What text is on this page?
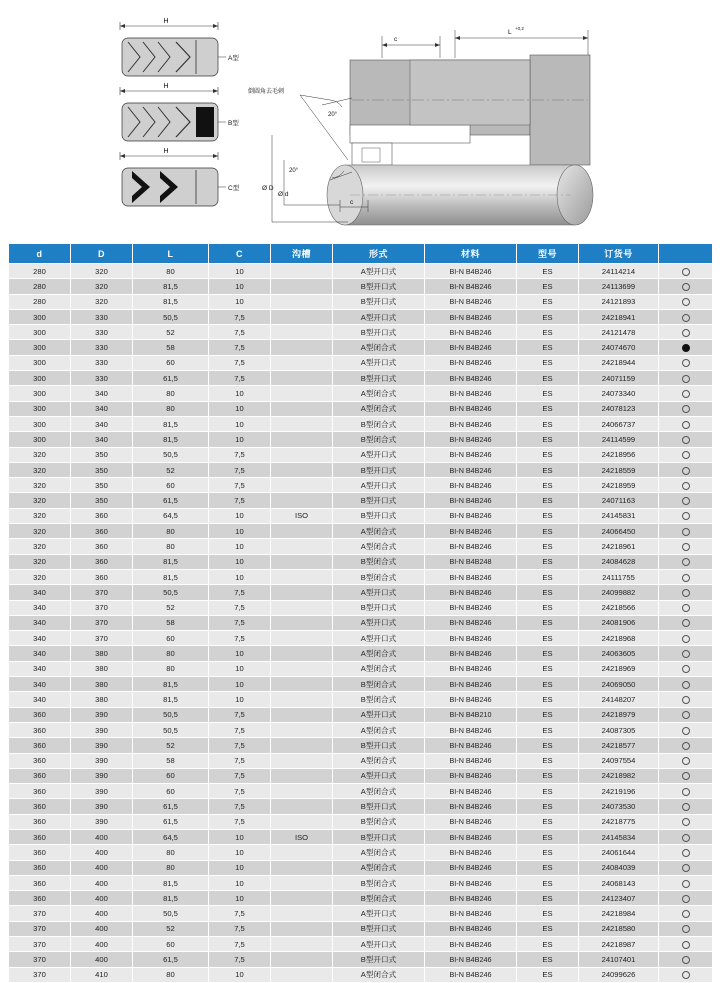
A型
H
B型
H
C型
H
倒圆角去毛刺
20°
20°
c
L
+0,2
Ø D
Ø d
c
d	D	L	C	沟槽	形式	材料	型号	订货号	
280	320	80	10		A型开口式	BI-N B4B246	ES	24114214	
280	320	81,5	10		B型开口式	BI-N B4B246	ES	24113699	
280	320	81,5	10		B型开口式	BI-N B4B246	ES	24121893	
300	330	50,5	7,5		A型开口式	BI-N B4B246	ES	24218941	
300	330	52	7,5		B型开口式	BI-N B4B246	ES	24121478	
300	330	58	7,5		A型闭合式	BI-N B4B246	ES	24074670	
300	330	60	7,5		A型开口式	BI-N B4B246	ES	24218944	
300	330	61,5	7,5		B型开口式	BI-N B4B246	ES	24071159	
300	340	80	10		A型闭合式	BI-N B4B246	ES	24073340	
300	340	80	10		A型闭合式	BI-N B4B246	ES	24078123	
300	340	81,5	10		B型闭合式	BI-N B4B246	ES	24066737	
300	340	81,5	10		B型闭合式	BI-N B4B246	ES	24114599	
320	350	50,5	7,5		A型开口式	BI-N B4B246	ES	24218956	
320	350	52	7,5		B型开口式	BI-N B4B246	ES	24218559	
320	350	60	7,5		A型开口式	BI-N B4B246	ES	24218959	
320	350	61,5	7,5		B型开口式	BI-N B4B246	ES	24071163	
320	360	64,5	10	ISO	B型开口式	BI-N B4B246	ES	24145831	
320	360	80	10		A型闭合式	BI-N B4B246	ES	24066450	
320	360	80	10		A型闭合式	BI-N B4B246	ES	24218961	
320	360	81,5	10		B型闭合式	BI-N B4B248	ES	24084628	
320	360	81,5	10		B型闭合式	BI-N B4B246	ES	24111755	
340	370	50,5	7,5		A型开口式	BI-N B4B246	ES	24099882	
340	370	52	7,5		B型开口式	BI-N B4B246	ES	24218566	
340	370	58	7,5		A型开口式	BI-N B4B246	ES	24081906	
340	370	60	7,5		A型开口式	BI-N B4B246	ES	24218968	
340	380	80	10		A型闭合式	BI-N B4B246	ES	24063605	
340	380	80	10		A型闭合式	BI-N B4B246	ES	24218969	
340	380	81,5	10		B型闭合式	BI-N B4B246	ES	24069050	
340	380	81,5	10		B型闭合式	BI-N B4B246	ES	24148207	
360	390	50,5	7,5		A型开口式	BI-N B4B210	ES	24218979	
360	390	50,5	7,5		A型闭合式	BI-N B4B246	ES	24087305	
360	390	52	7,5		B型开口式	BI-N B4B246	ES	24218577	
360	390	58	7,5		A型闭合式	BI-N B4B246	ES	24097554	
360	390	60	7,5		A型开口式	BI-N B4B246	ES	24218982	
360	390	60	7,5		A型闭合式	BI-N B4B246	ES	24219196	
360	390	61,5	7,5		B型开口式	BI-N B4B246	ES	24073530	
360	390	61,5	7,5		B型闭合式	BI-N B4B246	ES	24218775	
360	400	64,5	10	ISO	B型开口式	BI-N B4B246	ES	24145834	
360	400	80	10		A型闭合式	BI-N B4B246	ES	24061644	
360	400	80	10		A型闭合式	BI-N B4B246	ES	24084039	
360	400	81,5	10		B型闭合式	BI-N B4B246	ES	24068143	
360	400	81,5	10		B型闭合式	BI-N B4B246	ES	24123407	
370	400	50,5	7,5		A型开口式	BI-N B4B246	ES	24218984	
370	400	52	7,5		B型开口式	BI-N B4B246	ES	24218580	
370	400	60	7,5		A型开口式	BI-N B4B246	ES	24218987	
370	400	61,5	7,5		B型开口式	BI-N B4B246	ES	24107401	
370	410	80	10		A型闭合式	BI-N B4B246	ES	24099626	
